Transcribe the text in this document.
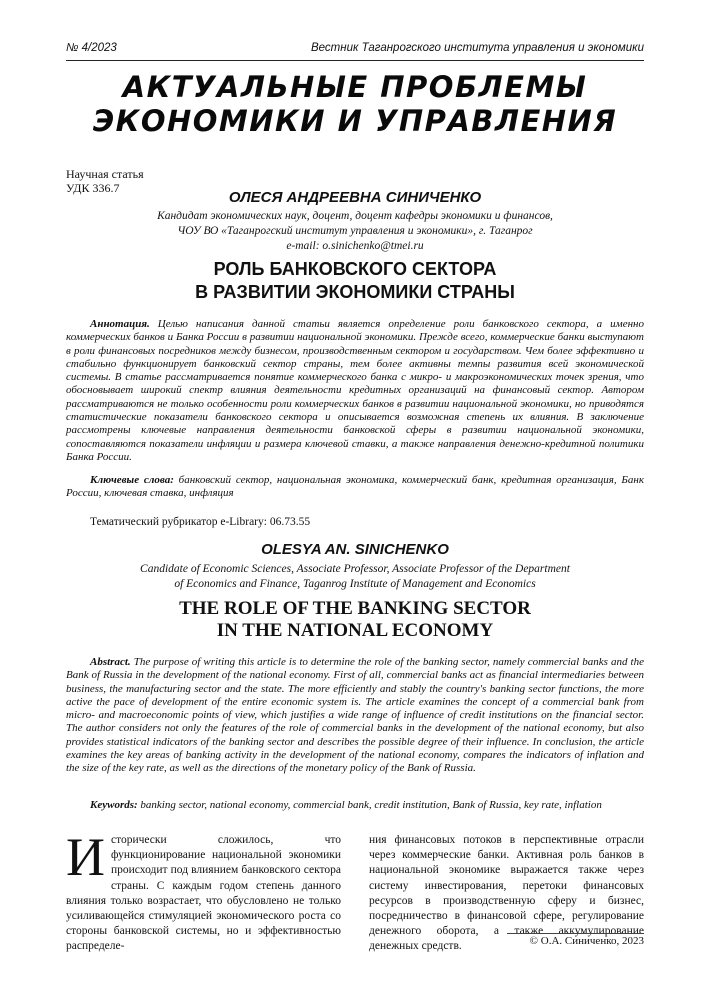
№ 4/2023	Вестник Таганрогского института управления и экономики
АКТУАЛЬНЫЕ ПРОБЛЕМЫ
ЭКОНОМИКИ И УПРАВЛЕНИЯ
Научная статья
УДК 336.7
ОЛЕСЯ АНДРЕЕВНА СИНИЧЕНКО
Кандидат экономических наук, доцент, доцент кафедры экономики и финансов,
ЧОУ ВО «Таганрогский институт управления и экономики», г. Таганрог
e-mail: o.sinichenko@tmei.ru
РОЛЬ БАНКОВСКОГО СЕКТОРА
В РАЗВИТИИ ЭКОНОМИКИ СТРАНЫ

Аннотация. Целью написания данной статьи является определение роли банковского сектора, а именно коммерческих банков и Банка России в развитии национальной экономики. Прежде всего, коммерческие банки выступают в роли финансовых посредников между бизнесом, производственным сектором и государством. Чем более эффективно и стабильно функционирует банковский сектор страны, тем более активны темпы развития всей экономической системы. В статье рассматривается понятие коммерческого банка с микро- и макроэкономических точек зрения, что обосновывает широкий спектр влияния деятельности кредитных организаций на финансовый сектор. Автором рассматриваются не только особенности роли коммерческих банков в развитии национальной экономики, но приводятся статистические показатели банковского сектора и описывается возможная степень их влияния. В заключение рассмотрены ключевые направления деятельности банковской сферы в развитии национальной экономики, сопоставляются показатели инфляции и размера ключевой ставки, а также направления денежно-кредитной политики Банка России.

Ключевые слова: банковский сектор, национальная экономика, коммерческий банк, кредитная организация, Банк России, ключевая ставка, инфляция

Тематический рубрикатор e-Library: 06.73.55
OLESYA AN. SINICHENKO
Candidate of Economic Sciences, Associate Professor, Associate Professor of the Department
of Economics and Finance, Taganrog Institute of Management and Economics
THE ROLE OF THE BANKING SECTOR
IN THE NATIONAL ECONOMY

Abstract. The purpose of writing this article is to determine the role of the banking sector, namely commercial banks and the Bank of Russia in the development of the national economy. First of all, commercial banks act as financial intermediaries between business, the manufacturing sector and the state. The more efficiently and stably the country's banking sector functions, the more active the pace of development of the entire economic system is. The article examines the concept of a commercial bank from micro- and macroeconomic points of view, which justifies a wide range of influence of credit institutions on the financial sector. The author considers not only the features of the role of commercial banks in the development of the national economy, but also provides statistical indicators of the banking sector and describes the possible degree of their influence. In conclusion, the article examines the key areas of banking activity in the development of the national economy, compares the indicators of inflation and the size of the key rate, as well as the directions of the monetary policy of the Bank of Russia.

Keywords: banking sector, national economy, commercial bank, credit institution, Bank of Russia, key rate, inflation

Исторически сложилось, что функционирование национальной экономики происходит под влиянием банковского сектора страны. С каждым годом степень данного влияния только возрастает, что обусловлено не только усиливающейся стимуляцией экономического роста со стороны банковской системы, но и эффективностью распределе-

ния финансовых потоков в перспективные отрасли через коммерческие банки. Активная роль банков в национальной экономике выражается также через систему инвестирования, перетоки финансовых ресурсов в производственную сферу и бизнес, посредничество в финансовой сфере, регулирование денежного оборота, а также аккумулирование денежных средств.	© О.А. Синиченко, 2023
